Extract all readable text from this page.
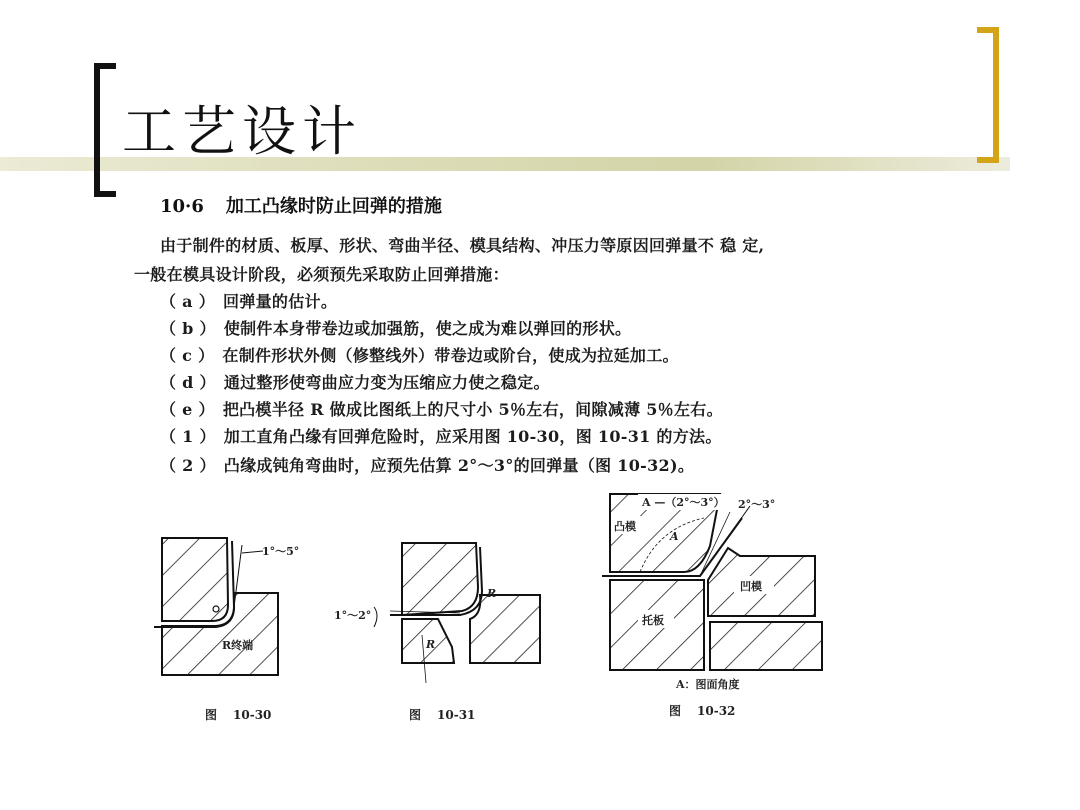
工艺设计
10·6 加工凸缘时防止回弹的措施
由于制件的材质、板厚、形状、弯曲半径、模具结构、冲压力等原因回弹量不 稳 定,
一般在模具设计阶段，必须预先采取防止回弹措施：
（ a ） 回弹量的估计。
（ b ） 使制件本身带卷边或加强筋，使之成为难以弹回的形状。
（ c ） 在制件形状外侧（修整线外）带卷边或阶台，使成为拉延加工。
（ d ） 通过整形使弯曲应力变为压缩应力使之稳定。
（ e ） 把凸模半径 R 做成比图纸上的尺寸小 5％左右，间隙减薄 5％左右。
（ 1 ） 加工直角凸缘有回弹危险时，应采用图 10-30，图 10-31 的方法。
（ 2 ） 凸缘成钝角弯曲时，应预先估算 2°～3°的回弹量（图 10-32)。
1°～5°
R终端
图 10-30
1°～2°
R
R
图 10-31
凸模
凹模
托板
A —（2°～3°） 2°～3°
A
A：图面角度
图 10-32
